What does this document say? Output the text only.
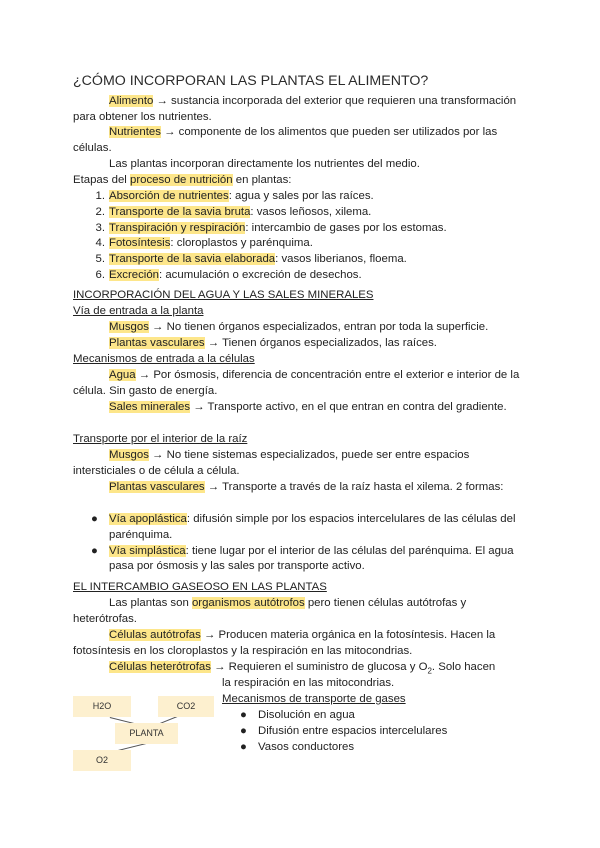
¿CÓMO INCORPORAN LAS PLANTAS EL ALIMENTO?
Alimento → sustancia incorporada del exterior que requieren una transformación para obtener los nutrientes.
Nutrientes → componente de los alimentos que pueden ser utilizados por las células.
Las plantas incorporan directamente los nutrientes del medio.
Etapas del proceso de nutrición en plantas:
1. Absorción de nutrientes: agua y sales por las raíces.
2. Transporte de la savia bruta: vasos leñosos, xilema.
3. Transpiración y respiración: intercambio de gases por los estomas.
4. Fotosíntesis: cloroplastos y parénquima.
5. Transporte de la savia elaborada: vasos liberianos, floema.
6. Excreción: acumulación o excreción de desechos.
INCORPORACIÓN DEL AGUA Y LAS SALES MINERALES
Vía de entrada a la planta
Musgos → No tienen órganos especializados, entran por toda la superficie.
Plantas vasculares → Tienen órganos especializados, las raíces.
Mecanismos de entrada a la células
Agua → Por ósmosis, diferencia de concentración entre el exterior e interior de la célula. Sin gasto de energía.
Sales minerales → Transporte activo, en el que entran en contra del gradiente.
Transporte por el interior de la raíz
Musgos → No tiene sistemas especializados, puede ser entre espacios intersticiales o de célula a célula.
Plantas vasculares → Transporte a través de la raíz hasta el xilema. 2 formas:
● Vía apoplástica: difusión simple por los espacios intercelulares de las células del parénquima.
● Vía simplástica: tiene lugar por el interior de las células del parénquima. El agua pasa por ósmosis y las sales por transporte activo.
EL INTERCAMBIO GASEOSO EN LAS PLANTAS
Las plantas son organismos autótrofos pero tienen células autótrofas y heterótrofas.
Células autótrofas → Producen materia orgánica en la fotosíntesis. Hacen la fotosíntesis en los cloroplastos y la respiración en las mitocondrias.
Células heterótrofas → Requieren el suministro de glucosa y $O_2$. Solo hacen
la respiración en las mitocondrias.
Mecanismos de transporte de gases
● Disolución en agua
● Difusión entre espacios intercelulares
● Vasos conductores
H2O	CO2
PLANTA
O2
